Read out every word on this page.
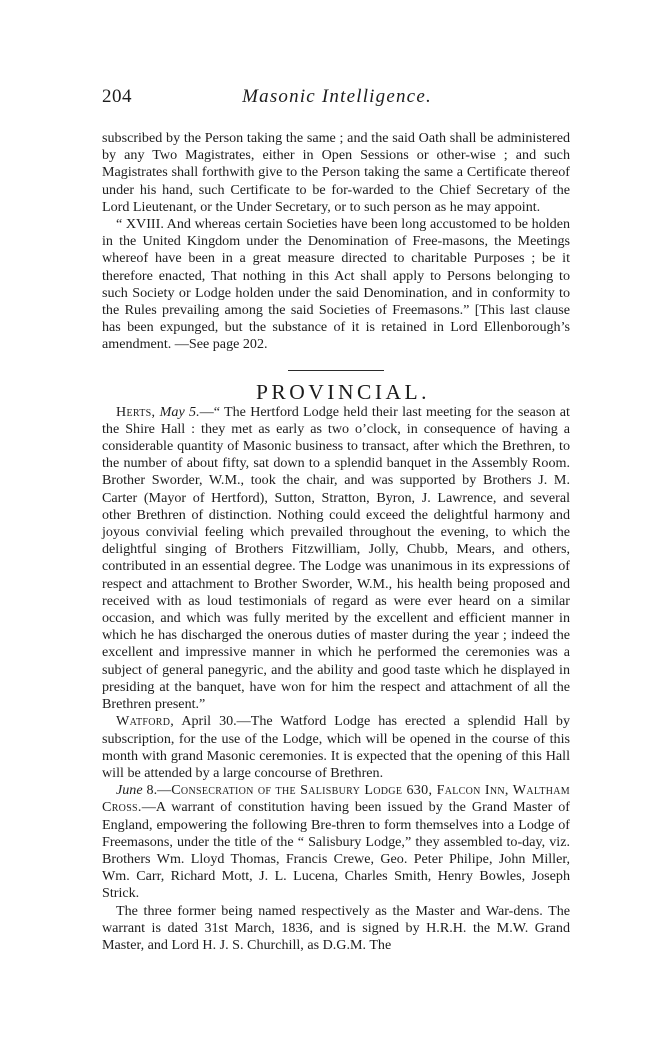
204	Masonic Intelligence.

subscribed by the Person taking the same ; and the said Oath shall be administered by any Two Magistrates, either in Open Sessions or other-wise ; and such Magistrates shall forthwith give to the Person taking the same a Certificate thereof under his hand, such Certificate to be for-warded to the Chief Secretary of the Lord Lieutenant, or the Under Secretary, or to such person as he may appoint.

“ XVIII. And whereas certain Societies have been long accustomed to be holden in the United Kingdom under the Denomination of Free-masons, the Meetings whereof have been in a great measure directed to charitable Purposes ; be it therefore enacted, That nothing in this Act shall apply to Persons belonging to such Society or Lodge holden under the said Denomination, and in conformity to the Rules prevailing among the said Societies of Freemasons.” [This last clause has been expunged, but the substance of it is retained in Lord Ellenborough’s amendment. —See page 202.

PROVINCIAL.

Herts, May 5.—“ The Hertford Lodge held their last meeting for the season at the Shire Hall : they met as early as two o’clock, in consequence of having a considerable quantity of Masonic business to transact, after which the Brethren, to the number of about fifty, sat down to a splendid banquet in the Assembly Room. Brother Sworder, W.M., took the chair, and was supported by Brothers J. M. Carter (Mayor of Hertford), Sutton, Stratton, Byron, J. Lawrence, and several other Brethren of distinction. Nothing could exceed the delightful harmony and joyous convivial feeling which prevailed throughout the evening, to which the delightful singing of Brothers Fitzwilliam, Jolly, Chubb, Mears, and others, contributed in an essential degree. The Lodge was unanimous in its expressions of respect and attachment to Brother Sworder, W.M., his health being proposed and received with as loud testimonials of regard as were ever heard on a similar occasion, and which was fully merited by the excellent and efficient manner in which he has discharged the onerous duties of master during the year ; indeed the excellent and impressive manner in which he performed the ceremonies was a subject of general panegyric, and the ability and good taste which he displayed in presiding at the banquet, have won for him the respect and attachment of all the Brethren present.”

Watford, April 30.—The Watford Lodge has erected a splendid Hall by subscription, for the use of the Lodge, which will be opened in the course of this month with grand Masonic ceremonies. It is expected that the opening of this Hall will be attended by a large concourse of Brethren.

June 8.—Consecration of the Salisbury Lodge 630, Falcon Inn, Waltham Cross.—A warrant of constitution having been issued by the Grand Master of England, empowering the following Bre-thren to form themselves into a Lodge of Freemasons, under the title of the “ Salisbury Lodge,” they assembled to-day, viz. Brothers Wm. Lloyd Thomas, Francis Crewe, Geo. Peter Philipe, John Miller, Wm. Carr, Richard Mott, J. L. Lucena, Charles Smith, Henry Bowles, Joseph Strick.

The three former being named respectively as the Master and War-dens. The warrant is dated 31st March, 1836, and is signed by H.R.H. the M.W. Grand Master, and Lord H. J. S. Churchill, as D.G.M. The
